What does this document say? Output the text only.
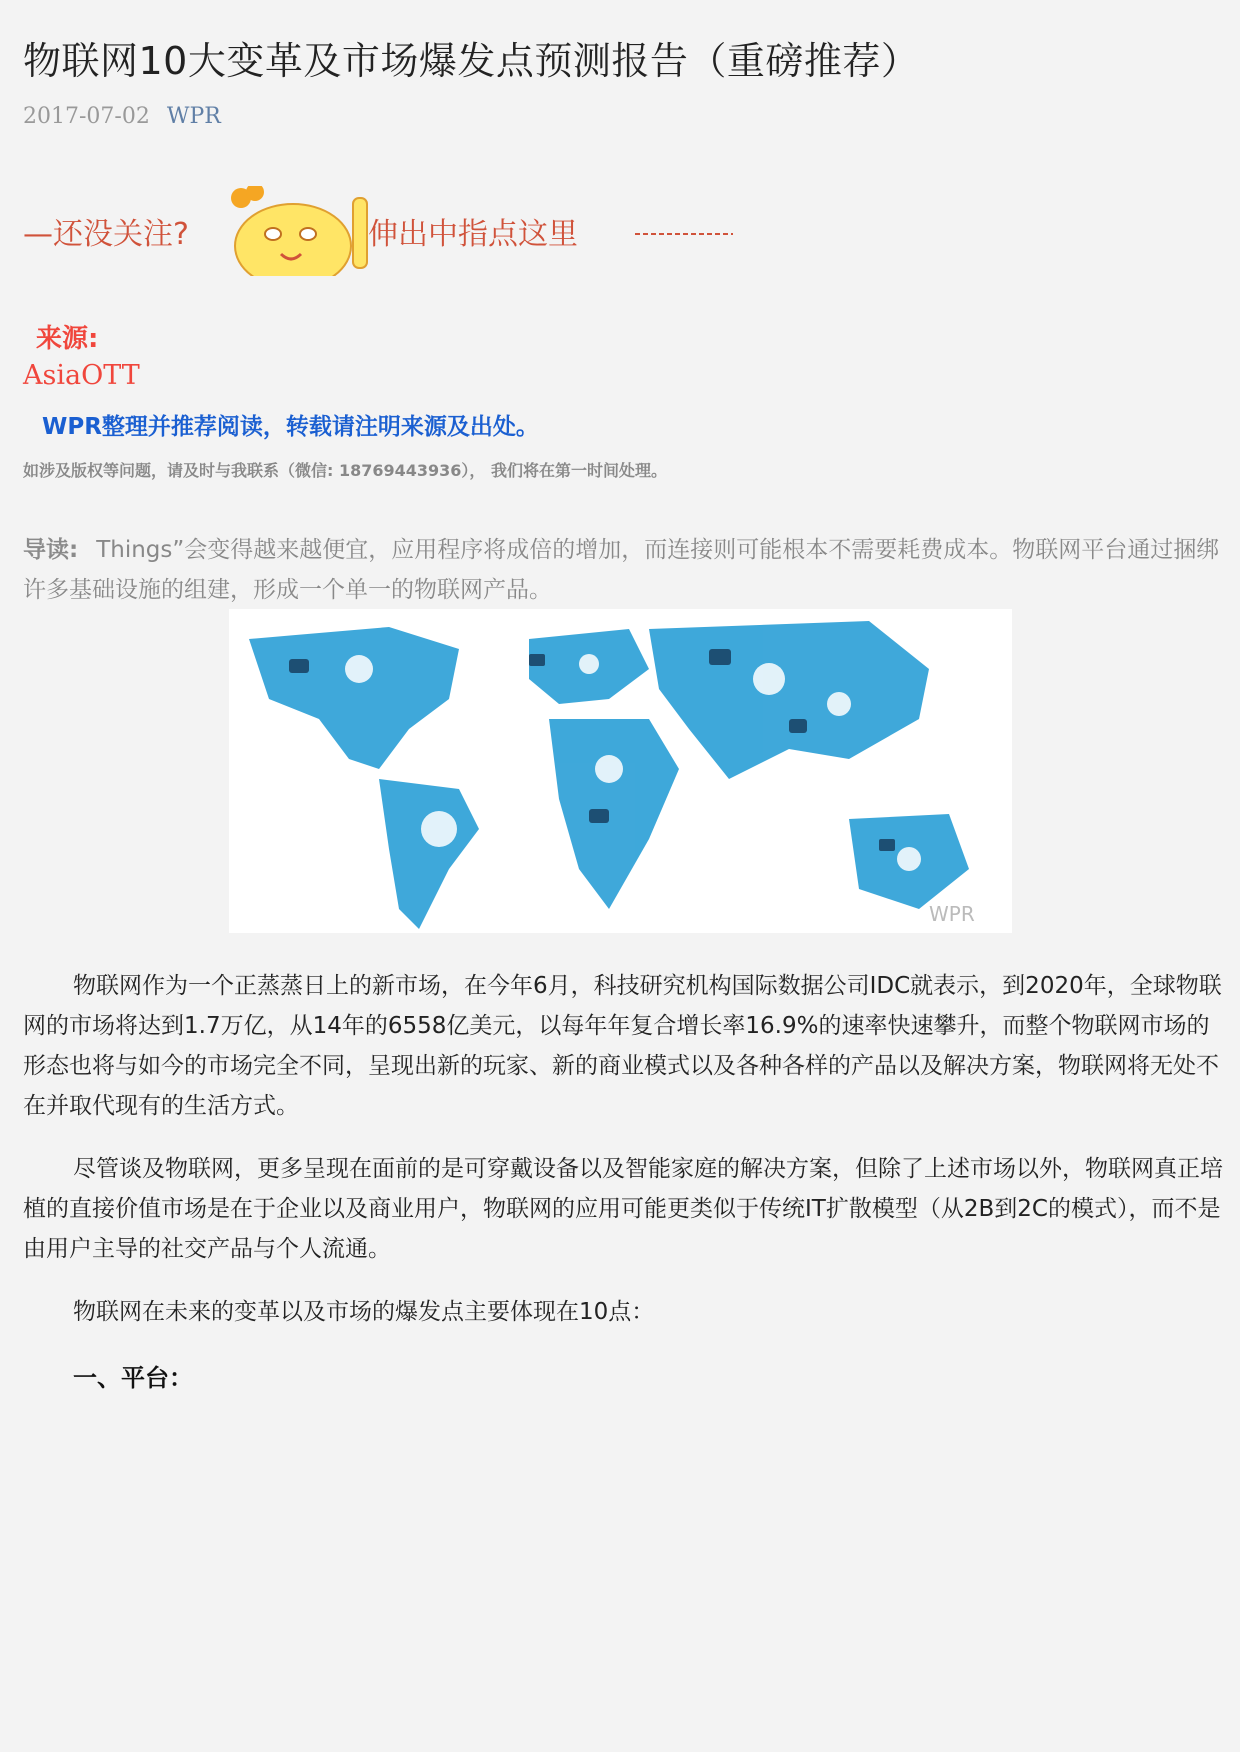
物联网10大变革及市场爆发点预测报告（重磅推荐）
2017-07-02 WPR
—还没关注?	伸出中指点这里
来源:
AsiaOTT
WPR整理并推荐阅读，转载请注明来源及出处。
如涉及版权等问题，请及时与我联系（微信: 18769443936）， 我们将在第一时间处理。
导读: Things”会变得越来越便宜，应用程序将成倍的增加，而连接则可能根本不需要耗费成本。物联网平台通过捆绑许多基础设施的组建，形成一个单一的物联网产品。
WPR

物联网作为一个正蒸蒸日上的新市场，在今年6月，科技研究机构国际数据公司IDC就表示，到2020年，全球物联网的市场将达到1.7万亿，从14年的6558亿美元，以每年年复合增长率16.9%的速率快速攀升，而整个物联网市场的形态也将与如今的市场完全不同，呈现出新的玩家、新的商业模式以及各种各样的产品以及解决方案，物联网将无处不在并取代现有的生活方式。

尽管谈及物联网，更多呈现在面前的是可穿戴设备以及智能家庭的解决方案，但除了上述市场以外，物联网真正培植的直接价值市场是在于企业以及商业用户，物联网的应用可能更类似于传统IT扩散模型（从2B到2C的模式），而不是由用户主导的社交产品与个人流通。

物联网在未来的变革以及市场的爆发点主要体现在10点：

一、平台：
